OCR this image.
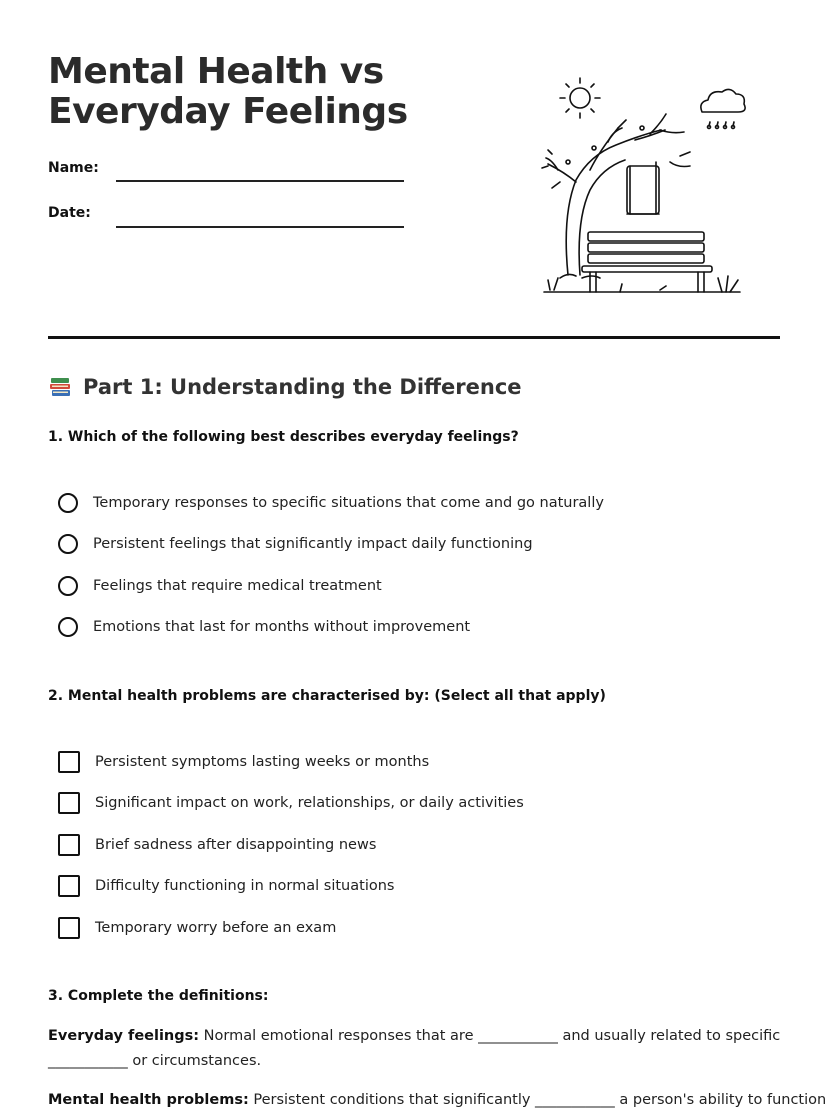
Mental Health vs
Everyday Feelings
Name:
Date:
Part 1: Understanding the Difference
1. Which of the following best describes everyday feelings?
Temporary responses to specific situations that come and go naturally
Persistent feelings that significantly impact daily functioning
Feelings that require medical treatment
Emotions that last for months without improvement
2. Mental health problems are characterised by: (Select all that apply)
Persistent symptoms lasting weeks or months
Significant impact on work, relationships, or daily activities
Brief sadness after disappointing news
Difficulty functioning in normal situations
Temporary worry before an exam
3. Complete the definitions:
Everyday feelings: Normal emotional responses that are ___________ and usually related to specific ___________ or circumstances.
Mental health problems: Persistent conditions that significantly ___________ a person's ability to function
